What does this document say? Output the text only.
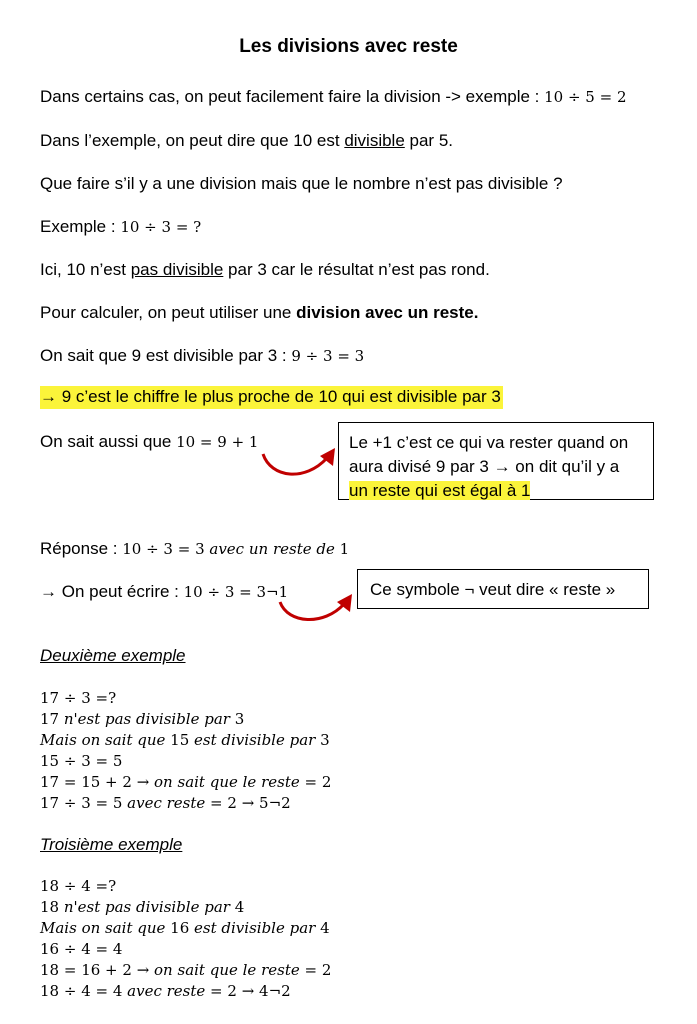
Les divisions avec reste
Dans certains cas, on peut facilement faire la division -> exemple : 10 ÷ 5 = 2
Dans l’exemple, on peut dire que 10 est divisible par 5.
Que faire s’il y a une division mais que le nombre n’est pas divisible ?
Exemple : 10 ÷ 3 = ?
Ici, 10 n’est pas divisible par 3 car le résultat n’est pas rond.
Pour calculer, on peut utiliser une division avec un reste.
On sait que 9 est divisible par 3 : 9 ÷ 3 = 3
→ 9 c’est le chiffre le plus proche de 10 qui est divisible par 3
On sait aussi que 10 = 9 + 1	Le +1 c’est ce qui va rester quand on
aura divisé 9 par 3 → on dit qu’il y a
un reste qui est égal à 1
Réponse : 10 ÷ 3 = 3 avec un reste de 1
→ On peut écrire : 10 ÷ 3 = 3¬1	Ce symbole ¬ veut dire « reste »
Deuxième exemple
17 ÷ 3 =?
17 n'est pas divisible par 3
Mais on sait que 15 est divisible par 3
15 ÷ 3 = 5
17 = 15 + 2 → on sait que le reste = 2
17 ÷ 3 = 5 avec reste = 2 → 5¬2
Troisième exemple
18 ÷ 4 =?
18 n'est pas divisible par 4
Mais on sait que 16 est divisible par 4
16 ÷ 4 = 4
18 = 16 + 2 → on sait que le reste = 2
18 ÷ 4 = 4 avec reste = 2 → 4¬2
